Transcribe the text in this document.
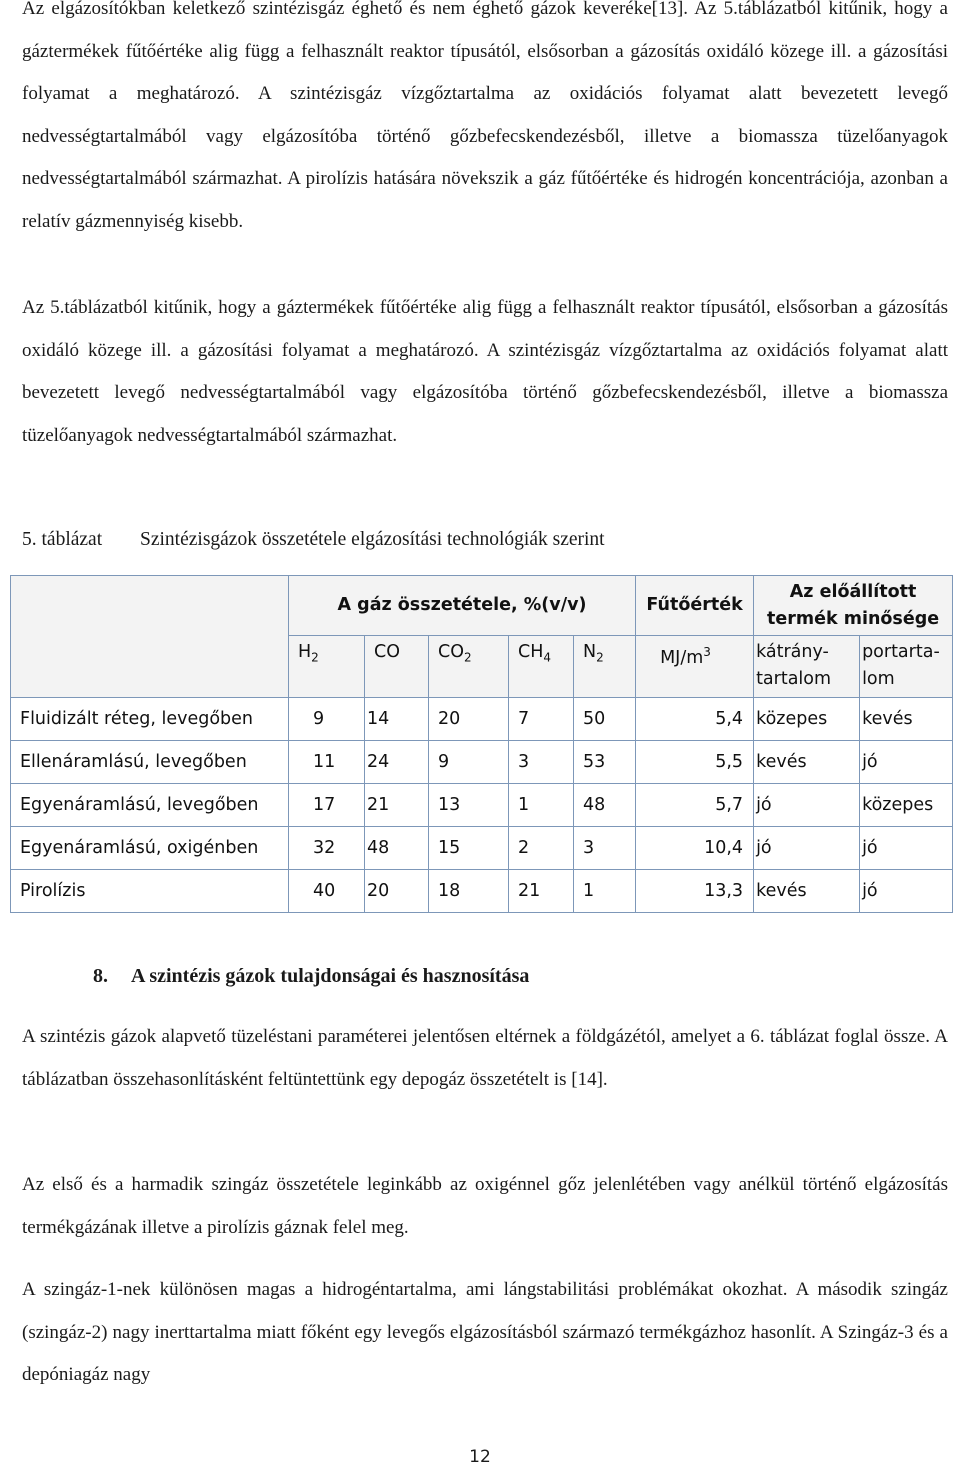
Az elgázosítókban keletkező szintézisgáz éghető és nem éghető gázok keveréke[13]. Az 5.táblázatból kitűnik, hogy a gáztermékek fűtőértéke alig függ a felhasznált reaktor típusától, elsősorban a gázosítás oxidáló közege ill. a gázosítási folyamat a meghatározó. A szintézisgáz vízgőztartalma az oxidációs folyamat alatt bevezetett levegő nedvességtartalmából vagy elgázosítóba történő gőzbefecskendezésből, illetve a biomassza tüzelőanyagok nedvességtartalmából származhat. A pirolízis hatására növekszik a gáz fűtőértéke és hidrogén koncentrációja, azonban a relatív gázmennyiség kisebb.

Az 5.táblázatból kitűnik, hogy a gáztermékek fűtőértéke alig függ a felhasznált reaktor típusától, elsősorban a gázosítás oxidáló közege ill. a gázosítási folyamat a meghatározó. A szintézisgáz vízgőztartalma az oxidációs folyamat alatt bevezetett levegő nedvességtartalmából vagy elgázosítóba történő gőzbefecskendezésből, illetve a biomassza tüzelőanyagok nedvességtartalmából származhat.

5. táblázat Szintézisgázok összetétele elgázosítási technológiák szerint

	A gáz összetétele, %(v/v)					Fűtőérték	Az előállított termék minősége	
	$H_2$	CO	$CO_2$	$CH_4$	$N_2$	$MJ/m^3$	kátrány-tartalom	portarta-lom
Fluidizált réteg, levegőben	9	14	20	7	50	5,4	közepes	kevés
Ellenáramlású, levegőben	11	24	9	3	53	5,5	kevés	jó
Egyenáramlású, levegőben	17	21	13	1	48	5,7	jó	közepes
Egyenáramlású, oxigénben	32	48	15	2	3	10,4	jó	jó
Pirolízis	40	20	18	21	1	13,3	kevés	jó
8. A szintézis gázok tulajdonságai és hasznosítása

A szintézis gázok alapvető tüzeléstani paraméterei jelentősen eltérnek a földgázétól, amelyet a 6. táblázat foglal össze. A táblázatban összehasonlításként feltüntettünk egy depogáz összetételt is [14].

Az első és a harmadik szingáz összetétele leginkább az oxigénnel gőz jelenlétében vagy anélkül történő elgázosítás termékgázának illetve a pirolízis gáznak felel meg.

A szingáz-1-nek különösen magas a hidrogéntartalma, ami lángstabilitási problémákat okozhat. A második szingáz (szingáz-2) nagy inerttartalma miatt főként egy levegős elgázosításból származó termékgázhoz hasonlít. A Szingáz-3 és a depóniagáz nagy

12
